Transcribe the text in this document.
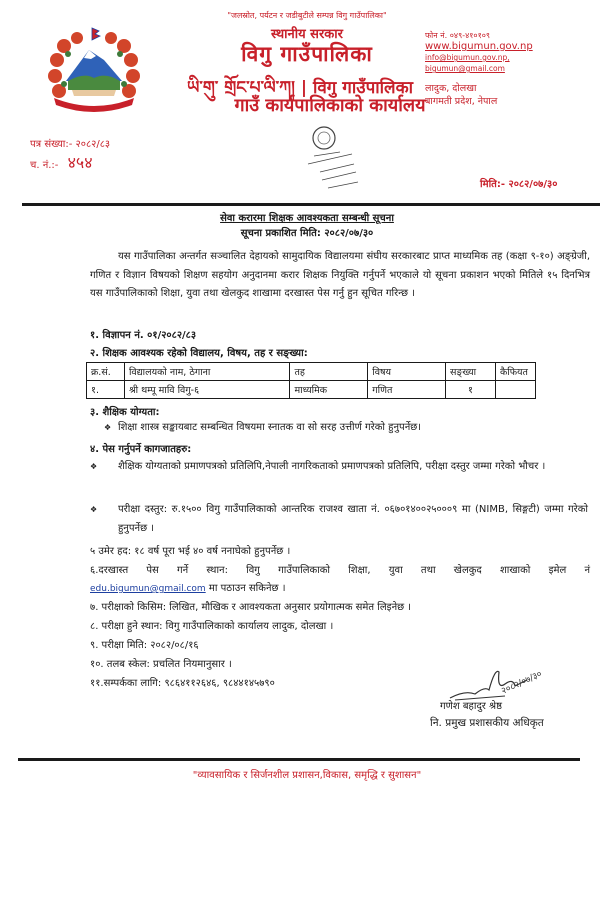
"जलस्रोत, पर्यटन र जडीबुटीले सम्पन्न विगु गाउँपालिका"
स्थानीय सरकार
विगु गाउँपालिका
ཡི་གུ་ གྲོང་པ་ལི་ཀ། | विगु गाउँपालिका
गाउँ कार्यपालिकाको कार्यालय
फोन नं. ०४९-४१०१०९
www.bigumun.gov.np
info@bigumun.gov.np,
bigumun@gmail.com
लादुक, दोलखा
बागमती प्रदेश, नेपाल
पत्र संख्या:- २०८२/८३
च. नं.:- ४५४
मिति:- २०८२/०७/३०
सेवा करारमा शिक्षक आवश्यकता सम्बन्धी सूचना
सूचना प्रकाशित मिति: २०८२/०७/३०
यस गाउँपालिका अन्तर्गत सञ्चालित देहायको सामुदायिक विद्यालयमा संघीय सरकारबाट प्राप्त माध्यमिक तह (कक्षा ९-१०) अङ्ग्रेजी, गणित र विज्ञान विषयको शिक्षण सहयोग अनुदानमा करार शिक्षक नियुक्ति गर्नुपर्ने भएकाले यो सूचना प्रकाशन भएको मितिले १५ दिनभित्र यस गाउँपालिकाको शिक्षा, युवा तथा खेलकुद शाखामा दरखास्त पेस गर्नु हुन सूचित गरिन्छ ।
१. विज्ञापन नं. ०१/२०८२/८३
२. शिक्षक आवश्यक रहेको विद्यालय, विषय, तह र सङ्ख्या:
क्र.सं.	विद्यालयको नाम, ठेगाना	तह	विषय	सङ्ख्या	कैफियत
१.	श्री थम्पू मावि विगु-६	माध्यमिक	गणित	१	
३. शैक्षिक योग्यता:
❖ शिक्षा शास्त्र सङ्कायबाट सम्बन्धित विषयमा स्नातक वा सो सरह उत्तीर्ण गरेको हुनुपर्नेछ।
४. पेस गर्नुपर्ने कागजातहरु:
❖ शैक्षिक योग्यताको प्रमाणपत्रको प्रतिलिपि,नेपाली नागरिकताको प्रमाणपत्रको प्रतिलिपि, परीक्षा दस्तुर जम्मा गरेको भौचर ।
❖ परीक्षा दस्तुर: रु.१५०० विगु गाउँपालिकाको आन्तरिक राजश्व खाता नं. ०६७०१४००२५०००९ मा (NIMB, सिङ्गटी) जम्मा गरेको हुनुपर्नेछ ।
५ उमेर हद: १८ वर्ष पूरा भई ४० वर्ष ननाघेको हुनुपर्नेछ ।
६.दरखास्त पेस गर्ने स्थान: विगु गाउँपालिकाको शिक्षा, युवा तथा खेलकुद शाखाको इमेल नं
edu.bigumun@gmail.com मा पठाउन सकिनेछ ।
७. परीक्षाको किसिम: लिखित, मौखिक र आवश्यकता अनुसार प्रयोगात्मक समेत लिइनेछ ।
८. परीक्षा हुने स्थान: विगु गाउँपालिकाको कार्यालय लादुक, दोलखा ।
९. परीक्षा मिति: २०८२/०८/१६
१०. तलब स्केल: प्रचलित नियमानुसार ।
११.सम्पर्कका लागि: ९८६४११२६४६, ९८४४१४५७९०	२०८२/०७/३०
गणेश बहादुर श्रेष्ठ
नि. प्रमुख प्रशासकीय अधिकृत
"व्यावसायिक र सिर्जनशील प्रशासन,विकास, समृद्धि र सुशासन"
